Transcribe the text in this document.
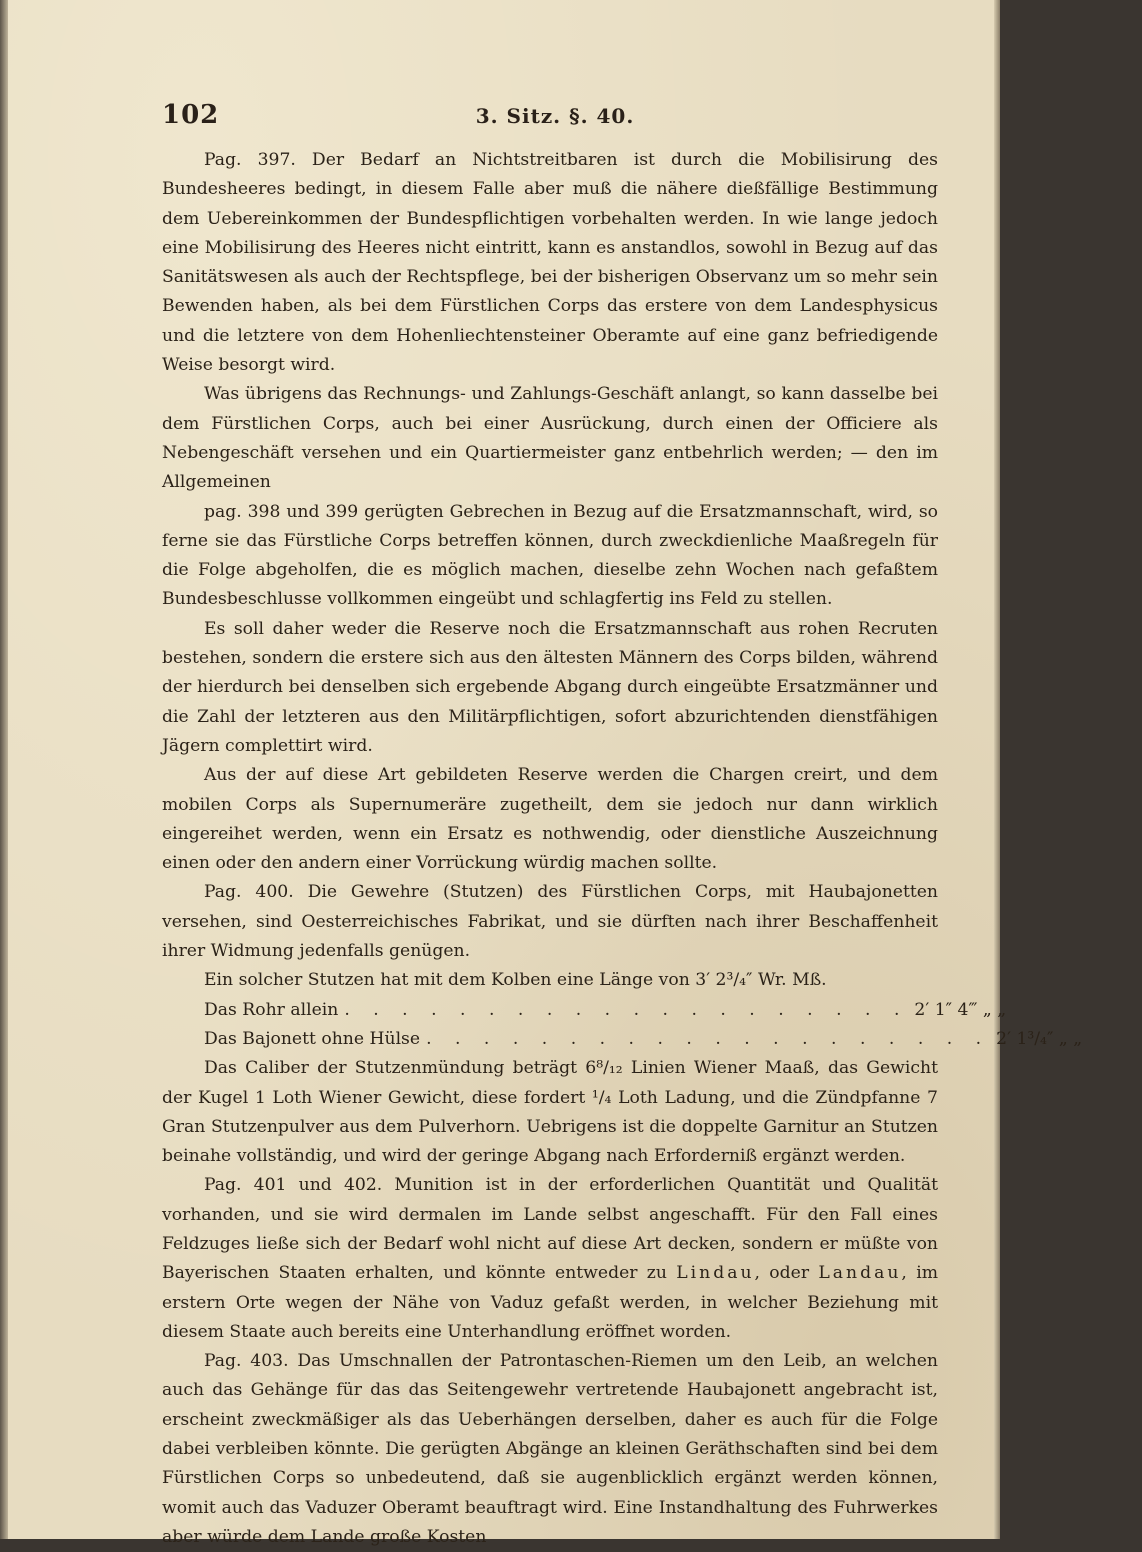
102	3. Sitz. §. 40.

Pag. 397. Der Bedarf an Nichtstreitbaren ist durch die Mobilisirung des Bundesheeres bedingt, in diesem Falle aber muß die nähere dießfällige Bestimmung dem Uebereinkommen der Bundespflichtigen vorbehalten werden. In wie lange jedoch eine Mobilisirung des Heeres nicht eintritt, kann es anstandlos, sowohl in Bezug auf das Sanitätswesen als auch der Rechtspflege, bei der bisherigen Observanz um so mehr sein Bewenden haben, als bei dem Fürstlichen Corps das erstere von dem Landesphysicus und die letztere von dem Hohenliechtensteiner Oberamte auf eine ganz befriedigende Weise besorgt wird.

Was übrigens das Rechnungs- und Zahlungs-Geschäft anlangt, so kann dasselbe bei dem Fürstlichen Corps, auch bei einer Ausrückung, durch einen der Officiere als Nebengeschäft versehen und ein Quartiermeister ganz entbehrlich werden; — den im Allgemeinen

pag. 398 und 399 gerügten Gebrechen in Bezug auf die Ersatzmannschaft, wird, so ferne sie das Fürstliche Corps betreffen können, durch zweckdienliche Maaßregeln für die Folge abgeholfen, die es möglich machen, dieselbe zehn Wochen nach gefaßtem Bundesbeschlusse vollkommen eingeübt und schlagfertig ins Feld zu stellen.

Es soll daher weder die Reserve noch die Ersatzmannschaft aus rohen Recruten bestehen, sondern die erstere sich aus den ältesten Männern des Corps bilden, während der hierdurch bei denselben sich ergebende Abgang durch eingeübte Ersatzmänner und die Zahl der letzteren aus den Militärpflichtigen, sofort abzurichtenden dienstfähigen Jägern complettirt wird.

Aus der auf diese Art gebildeten Reserve werden die Chargen creirt, und dem mobilen Corps als Supernumeräre zugetheilt, dem sie jedoch nur dann wirklich eingereihet werden, wenn ein Ersatz es nothwendig, oder dienstliche Auszeichnung einen oder den andern einer Vorrückung würdig machen sollte.

Pag. 400. Die Gewehre (Stutzen) des Fürstlichen Corps, mit Haubajonetten versehen, sind Oesterreichisches Fabrikat, und sie dürften nach ihrer Beschaffenheit ihrer Widmung jedenfalls genügen.

Ein solcher Stutzen hat mit dem Kolben eine Länge von 3′ 2³/₄″ Wr. Mß.

Das Rohr allein . . . . . . . . . . . . . . . . . . . . 2′ 1″ 4‴ „ „
Das Bajonett ohne Hülse . . . . . . . . . . . . . . . . . . . . 2′ 1³/₄″ „ „

Das Caliber der Stutzenmündung beträgt 6⁸/₁₂ Linien Wiener Maaß, das Gewicht der Kugel 1 Loth Wiener Gewicht, diese fordert ¹/₄ Loth Ladung, und die Zündpfanne 7 Gran Stutzenpulver aus dem Pulverhorn. Uebrigens ist die doppelte Garnitur an Stutzen beinahe vollständig, und wird der geringe Abgang nach Erforderniß ergänzt werden.

Pag. 401 und 402. Munition ist in der erforderlichen Quantität und Qualität vorhanden, und sie wird dermalen im Lande selbst angeschafft. Für den Fall eines Feldzuges ließe sich der Bedarf wohl nicht auf diese Art decken, sondern er müßte von Bayerischen Staaten erhalten, und könnte entweder zu Lindau, oder Landau, im erstern Orte wegen der Nähe von Vaduz gefaßt werden, in welcher Beziehung mit diesem Staate auch bereits eine Unterhandlung eröffnet worden.

Pag. 403. Das Umschnallen der Patrontaschen-Riemen um den Leib, an welchen auch das Gehänge für das das Seitengewehr vertretende Haubajonett angebracht ist, erscheint zweckmäßiger als das Ueberhängen derselben, daher es auch für die Folge dabei verbleiben könnte. Die gerügten Abgänge an kleinen Geräthschaften sind bei dem Fürstlichen Corps so unbedeutend, daß sie augenblicklich ergänzt werden können, womit auch das Vaduzer Oberamt beauftragt wird. Eine Instandhaltung des Fuhrwerkes aber würde dem Lande große Kosten
